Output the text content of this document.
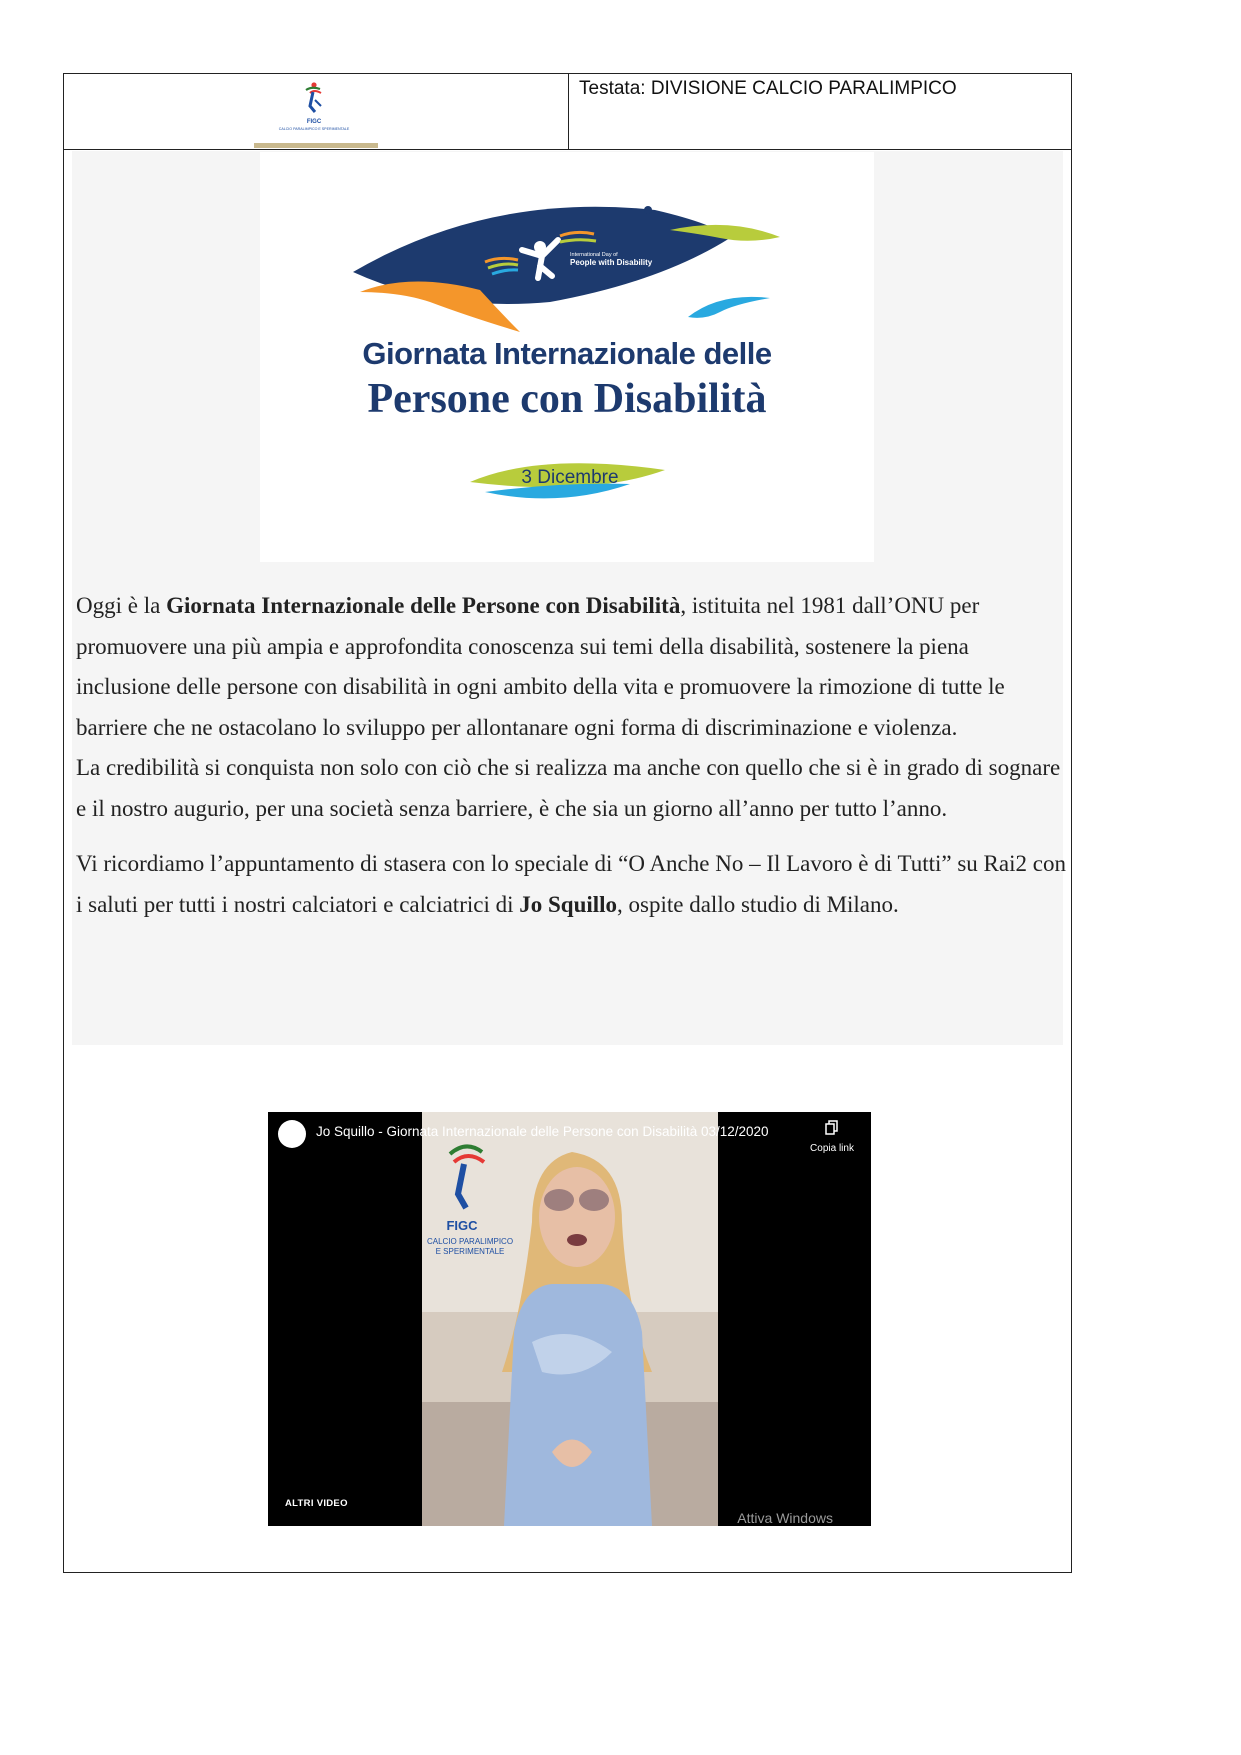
FIGC
CALCIO PARALIMPICO E SPERIMENTALE
Testata: DIVISIONE CALCIO PARALIMPICO
International Day of
People with Disability
Giornata Internazionale delle
Persone con Disabilità
3 Dicembre

Oggi è la Giornata Internazionale delle Persone con Disabilità, istituita nel 1981 dall’ONU per promuovere una più ampia e approfondita conoscenza sui temi della disabilità, sostenere la piena inclusione delle persone con disabilità in ogni ambito della vita e promuovere la rimozione di tutte le barriere che ne ostacolano lo sviluppo per allontanare ogni forma di discriminazione e violenza.

La credibilità si conquista non solo con ciò che si realizza ma anche con quello che si è in grado di sognare e il nostro augurio, per una società senza barriere, è che sia un giorno all’anno per tutto l’anno.

Vi ricordiamo l’appuntamento di stasera con lo speciale di “O Anche No – Il Lavoro è di Tutti” su Rai2 con i saluti per tutti i nostri calciatori e calciatrici di Jo Squillo, ospite dallo studio di Milano.

FIGC
CALCIO PARALIMPICO
E SPERIMENTALE
Jo Squillo - Giornata Internazionale delle Persone con Disabilità 03/12/2020
Copia link
ALTRI VIDEO
Attiva Windows
